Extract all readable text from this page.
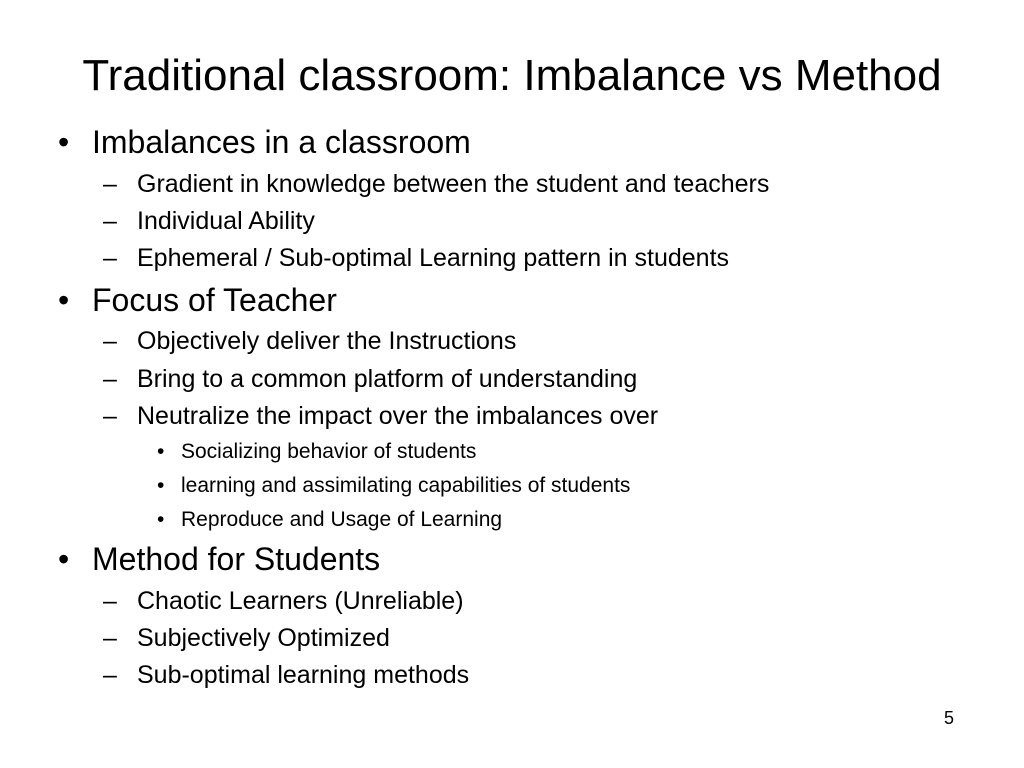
Traditional classroom: Imbalance vs Method
• Imbalances in a classroom
– Gradient in knowledge between the student and teachers
– Individual Ability
– Ephemeral / Sub-optimal Learning pattern in students
• Focus of Teacher
– Objectively deliver the Instructions
– Bring to a common platform of understanding
– Neutralize the impact over the imbalances over
• Socializing behavior of students
• learning and assimilating capabilities of students
• Reproduce and Usage of Learning
• Method for Students
– Chaotic Learners (Unreliable)
– Subjectively Optimized
– Sub-optimal learning methods
5
